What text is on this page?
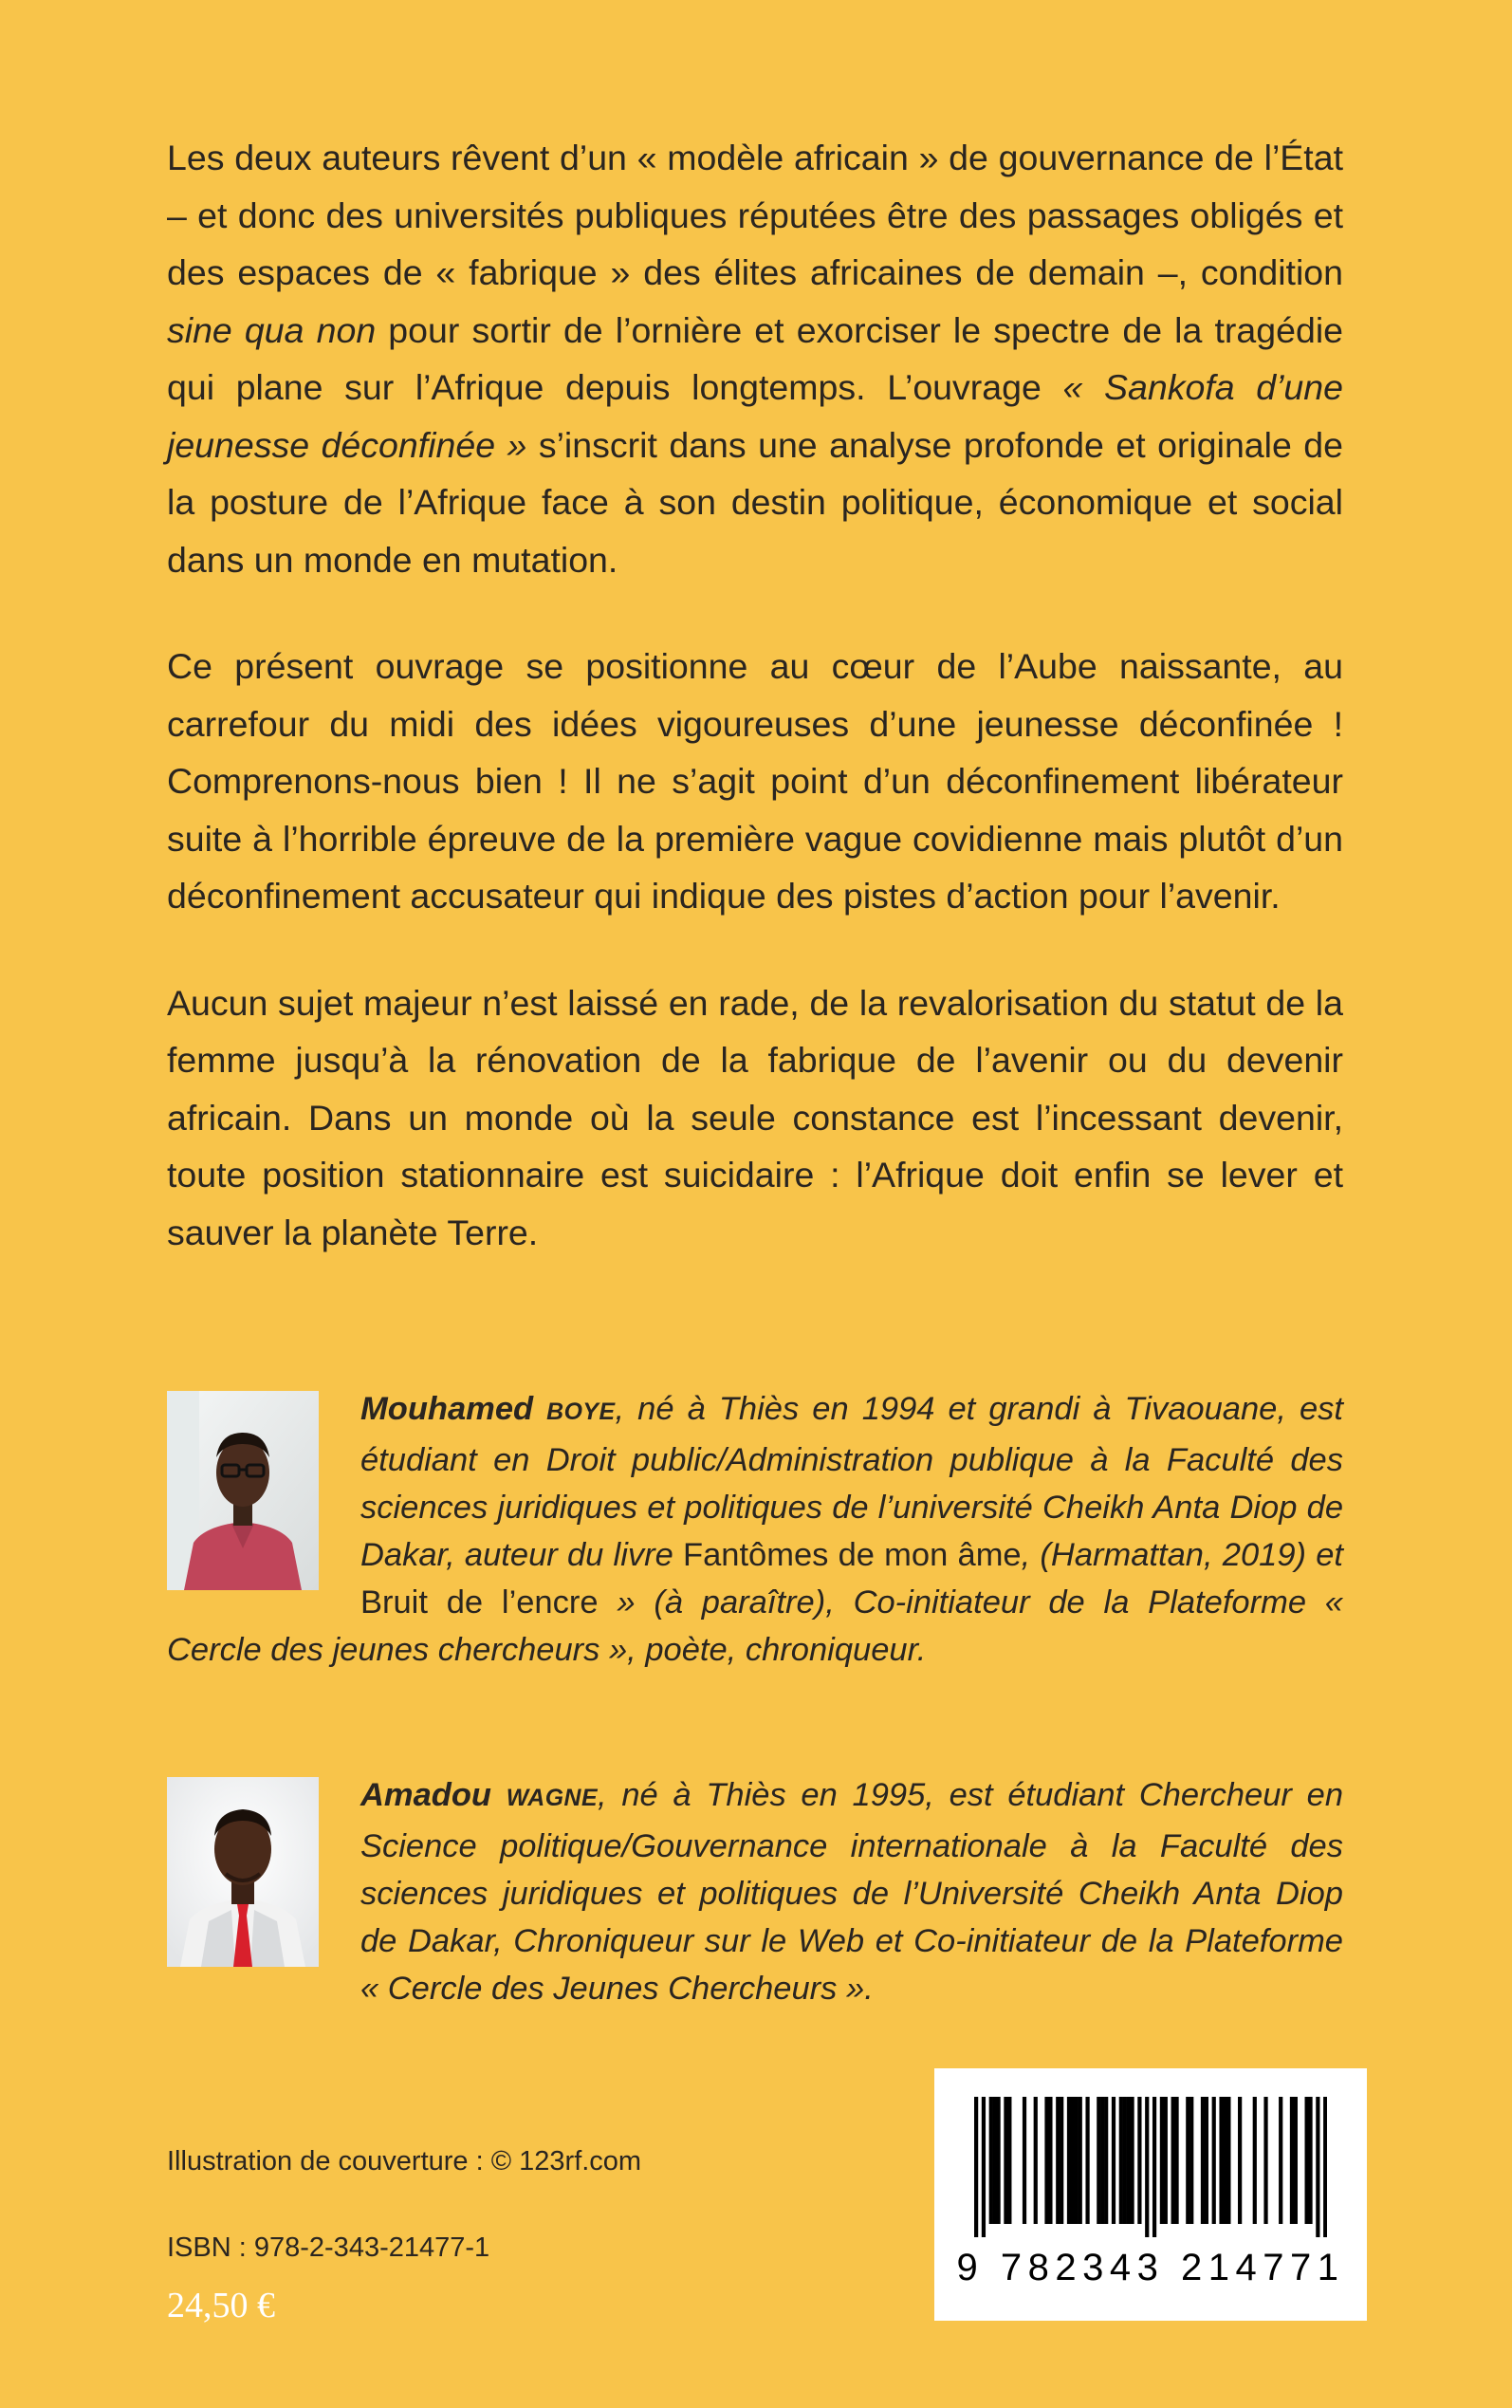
Les deux auteurs rêvent d’un « modèle africain » de gouvernance de l’État – et donc des universités publiques réputées être des passages obligés et des espaces de « fabrique » des élites africaines de demain –, condition sine qua non pour sortir de l’ornière et exorciser le spectre de la tragédie qui plane sur l’Afrique depuis longtemps. L’ouvrage « Sankofa d’une jeunesse déconfinée » s’inscrit dans une analyse profonde et originale de la posture de l’Afrique face à son destin politique, économique et social dans un monde en mutation.

Ce présent ouvrage se positionne au cœur de l’Aube naissante, au carrefour du midi des idées vigoureuses d’une jeunesse déconfinée ! Comprenons-nous bien ! Il ne s’agit point d’un déconfinement libérateur suite à l’horrible épreuve de la première vague covidienne mais plutôt d’un déconfinement accusateur qui indique des pistes d’action pour l’avenir.

Aucun sujet majeur n’est laissé en rade, de la revalorisation du statut de la femme jusqu’à la rénovation de la fabrique de l’avenir ou du devenir africain. Dans un monde où la seule constance est l’incessant devenir, toute position stationnaire est suicidaire : l’Afrique doit enfin se lever et sauver la planète Terre.

Mouhamed BOYE, né à Thiès en 1994 et grandi à Tivaouane, est étudiant en Droit public/Administration publique à la Faculté des sciences juridiques et politiques de l’université Cheikh Anta Diop de Dakar, auteur du livre Fantômes de mon âme, (Harmattan, 2019) et Bruit de l’encre » (à paraître), Co-initiateur de la Plateforme « Cercle des jeunes chercheurs », poète, chroniqueur.
Amadou WAGNE, né à Thiès en 1995, est étudiant Chercheur en Science politique/Gouvernance internationale à la Faculté des sciences juridiques et politiques de l’Université Cheikh Anta Diop de Dakar, Chroniqueur sur le Web et Co-initiateur de la Plateforme « Cercle des Jeunes Chercheurs ».
Illustration de couverture : © 123rf.com
ISBN : 978-2-343-21477-1
24,50 €
9 782343 214771
